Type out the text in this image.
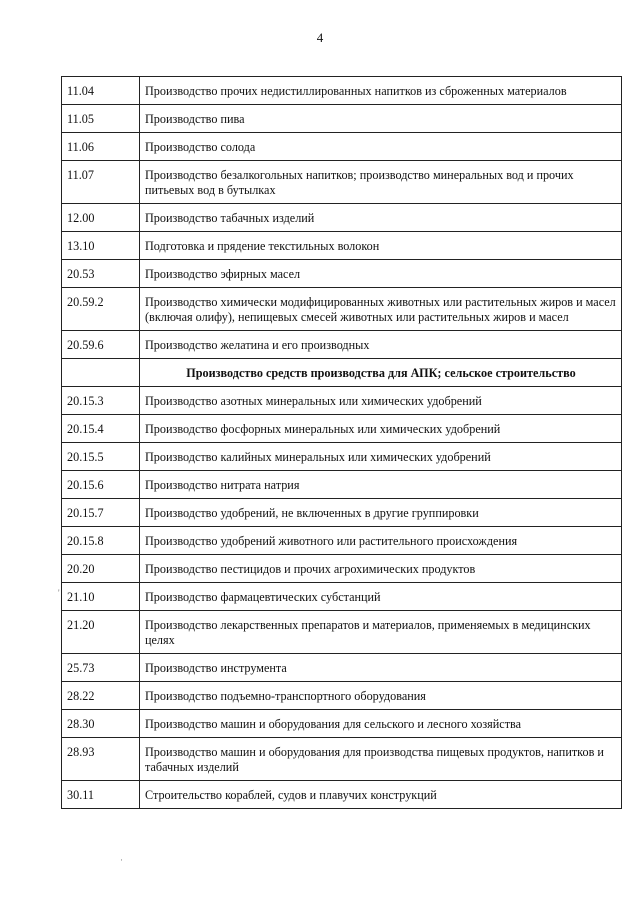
4
11.04	Производство прочих недистиллированных напитков из сброженных материалов
11.05	Производство пива
11.06	Производство солода
11.07	Производство безалкогольных напитков; производство минеральных вод и прочих питьевых вод в бутылках
12.00	Производство табачных изделий
13.10	Подготовка и прядение текстильных волокон
20.53	Производство эфирных масел
20.59.2	Производство химически модифицированных животных или растительных жиров и масел (включая олифу), непищевых смесей животных или растительных жиров и масел
20.59.6	Производство желатина и его производных
	Производство средств производства для АПК; сельское строительство
20.15.3	Производство азотных минеральных или химических удобрений
20.15.4	Производство фосфорных минеральных или химических удобрений
20.15.5	Производство калийных минеральных или химических удобрений
20.15.6	Производство нитрата натрия
20.15.7	Производство удобрений, не включенных в другие группировки
20.15.8	Производство удобрений животного или растительного происхождения
20.20	Производство пестицидов и прочих агрохимических продуктов
21.10	Производство фармацевтических субстанций
21.20	Производство лекарственных препаратов и материалов, применяемых в медицинских целях
25.73	Производство инструмента
28.22	Производство подъемно-транспортного оборудования
28.30	Производство машин и оборудования для сельского и лесного хозяйства
28.93	Производство машин и оборудования для производства пищевых продуктов, напитков и табачных изделий
30.11	Строительство кораблей, судов и плавучих конструкций
'
·
